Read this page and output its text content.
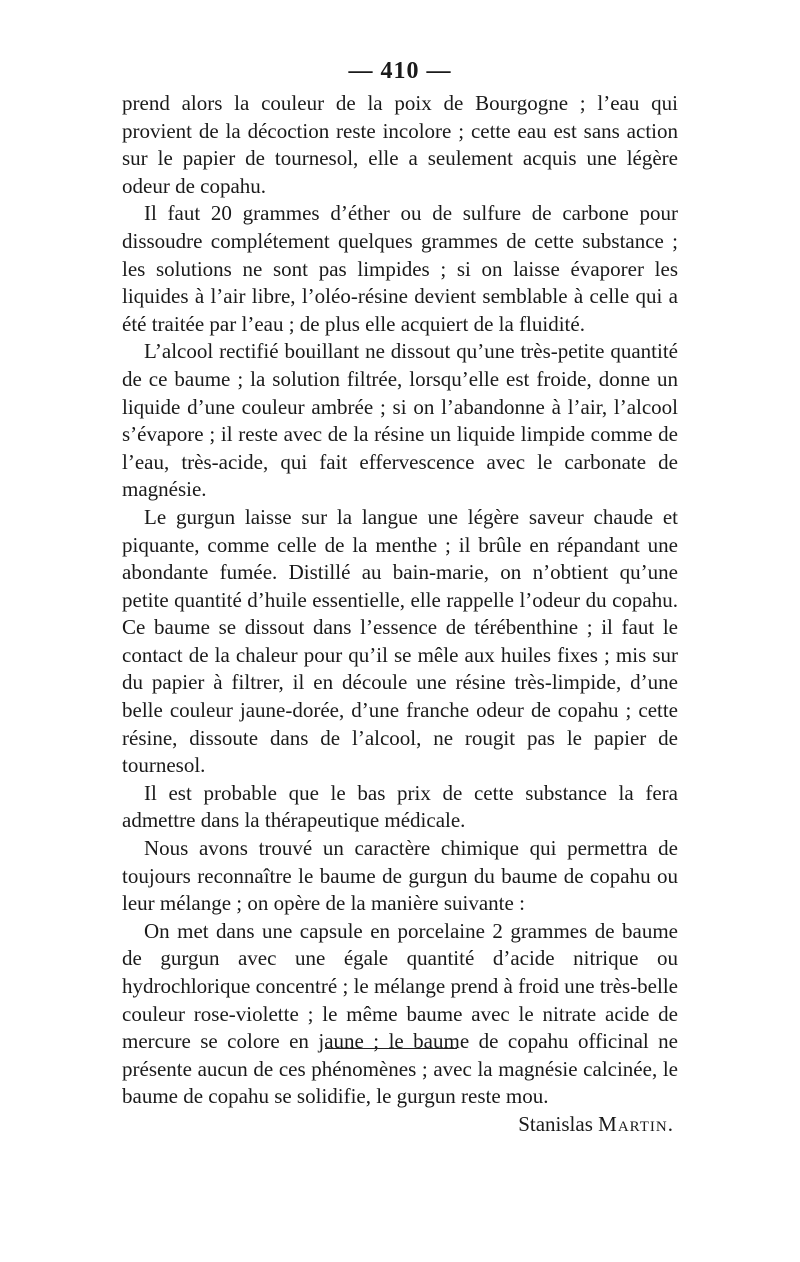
— 410 —

prend alors la couleur de la poix de Bourgogne ; l’eau qui provient de la décoction reste incolore ; cette eau est sans action sur le papier de tournesol, elle a seulement acquis une légère odeur de copahu.

Il faut 20 grammes d’éther ou de sulfure de carbone pour dissoudre complétement quelques grammes de cette substance ; les solutions ne sont pas limpides ; si on laisse évaporer les liquides à l’air libre, l’oléo-résine devient semblable à celle qui a été traitée par l’eau ; de plus elle acquiert de la fluidité.

L’alcool rectifié bouillant ne dissout qu’une très-petite quantité de ce baume ; la solution filtrée, lorsqu’elle est froide, donne un liquide d’une couleur ambrée ; si on l’abandonne à l’air, l’alcool s’évapore ; il reste avec de la résine un liquide limpide comme de l’eau, très-acide, qui fait effervescence avec le carbonate de magnésie.

Le gurgun laisse sur la langue une légère saveur chaude et piquante, comme celle de la menthe ; il brûle en répandant une abondante fumée. Distillé au bain-marie, on n’obtient qu’une petite quantité d’huile essentielle, elle rappelle l’odeur du copahu. Ce baume se dissout dans l’essence de térébenthine ; il faut le contact de la chaleur pour qu’il se mêle aux huiles fixes ; mis sur du papier à filtrer, il en découle une résine très-limpide, d’une belle couleur jaune-dorée, d’une franche odeur de copahu ; cette résine, dissoute dans de l’alcool, ne rougit pas le papier de tournesol.

Il est probable que le bas prix de cette substance la fera admettre dans la thérapeutique médicale.

Nous avons trouvé un caractère chimique qui permettra de toujours reconnaître le baume de gurgun du baume de copahu ou leur mélange ; on opère de la manière suivante :

On met dans une capsule en porcelaine 2 grammes de baume de gurgun avec une égale quantité d’acide nitrique ou hydrochlorique concentré ; le mélange prend à froid une très-belle couleur rose-violette ; le même baume avec le nitrate acide de mercure se colore en jaune ; le baume de copahu officinal ne présente aucun de ces phénomènes ; avec la magnésie calcinée, le baume de copahu se solidifie, le gurgun reste mou.

Stanislas Martin.
